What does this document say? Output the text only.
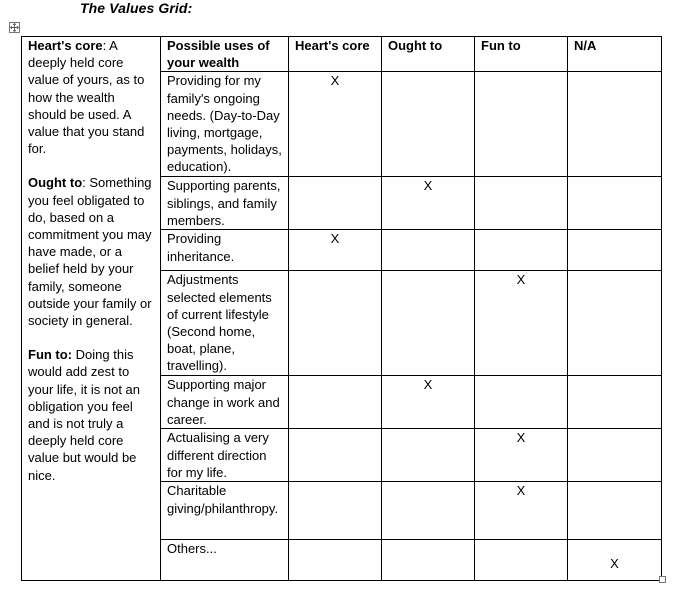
The Values Grid:

Heart's core: A deeply held core value of yours, as to how the wealth should be used. A value that you stand for.

Ought to: Something you feel obligated to do, based on a commitment you may have made, or a belief held by your family, someone outside your family or society in general.

Fun to: Doing this would add zest to your life, it is not an obligation you feel and is not truly a deeply held core value but would be nice.	Possible uses of your wealth	Heart's core	Ought to	Fun to	N/A
	Providing for my family's ongoing needs. (Day-to-Day living, mortgage, payments, holidays, education).	X			
	Supporting parents, siblings, and family members.		X		
	Providing inheritance.	X			
	Adjustments selected elements of current lifestyle (Second home, boat, plane, travelling).			X	
	Supporting major change in work and career.		X		
	Actualising a very different direction for my life.			X	
	Charitable giving/philanthropy.			X	
	Others...				X
